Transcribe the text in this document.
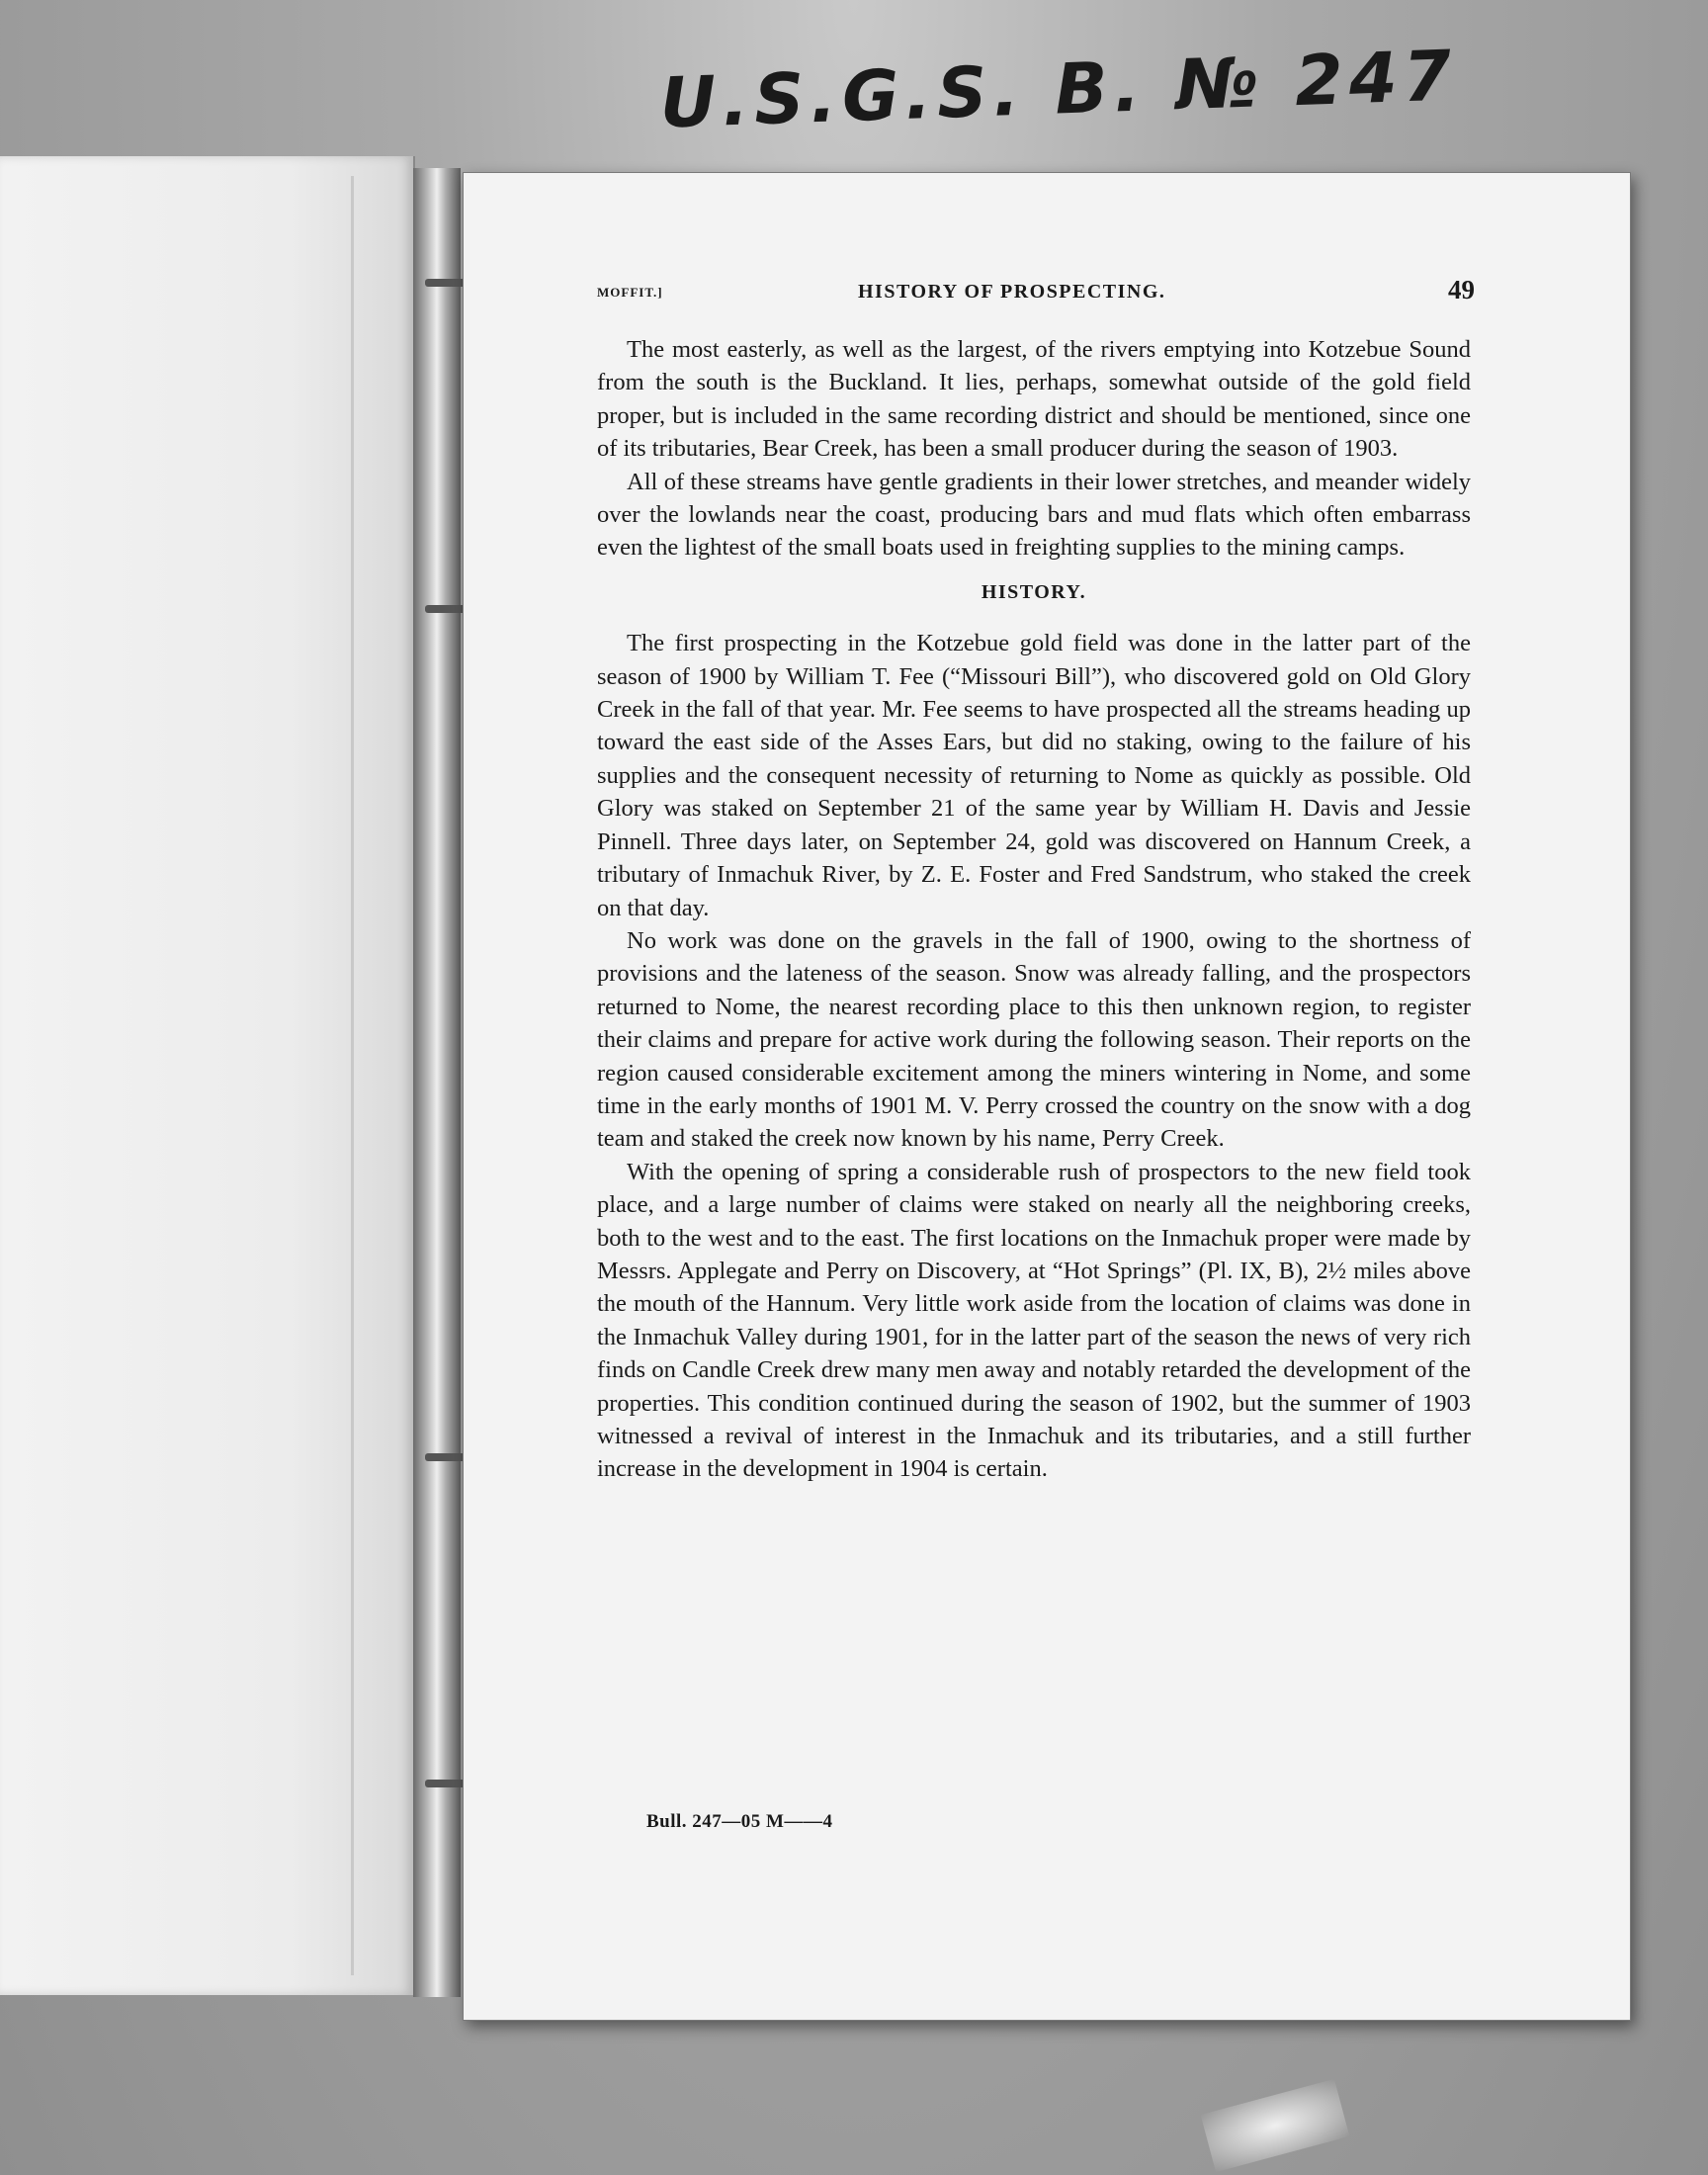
U.S.G.S. B. № 247
MOFFIT.]	HISTORY OF PROSPECTING.	49

The most easterly, as well as the largest, of the rivers emptying into Kotzebue Sound from the south is the Buckland. It lies, perhaps, somewhat outside of the gold field proper, but is included in the same recording district and should be mentioned, since one of its tributaries, Bear Creek, has been a small producer during the season of 1903.

All of these streams have gentle gradients in their lower stretches, and meander widely over the lowlands near the coast, producing bars and mud flats which often embarrass even the lightest of the small boats used in freighting supplies to the mining camps.

HISTORY.

The first prospecting in the Kotzebue gold field was done in the latter part of the season of 1900 by William T. Fee (“Missouri Bill”), who discovered gold on Old Glory Creek in the fall of that year. Mr. Fee seems to have prospected all the streams heading up toward the east side of the Asses Ears, but did no staking, owing to the failure of his supplies and the consequent necessity of returning to Nome as quickly as possible. Old Glory was staked on September 21 of the same year by William H. Davis and Jessie Pinnell. Three days later, on September 24, gold was discovered on Hannum Creek, a tributary of Inmachuk River, by Z. E. Foster and Fred Sandstrum, who staked the creek on that day.

No work was done on the gravels in the fall of 1900, owing to the shortness of provisions and the lateness of the season. Snow was already falling, and the prospectors returned to Nome, the nearest recording place to this then unknown region, to register their claims and prepare for active work during the following season. Their reports on the region caused considerable excitement among the miners wintering in Nome, and some time in the early months of 1901 M. V. Perry crossed the country on the snow with a dog team and staked the creek now known by his name, Perry Creek.

With the opening of spring a considerable rush of prospectors to the new field took place, and a large number of claims were staked on nearly all the neighboring creeks, both to the west and to the east. The first locations on the Inmachuk proper were made by Messrs. Applegate and Perry on Discovery, at “Hot Springs” (Pl. IX, B), 2½ miles above the mouth of the Hannum. Very little work aside from the location of claims was done in the Inmachuk Valley during 1901, for in the latter part of the season the news of very rich finds on Candle Creek drew many men away and notably retarded the development of the properties. This condition continued during the season of 1902, but the summer of 1903 witnessed a revival of interest in the Inmachuk and its tributaries, and a still further increase in the development in 1904 is certain.

Bull. 247—05 M——4
